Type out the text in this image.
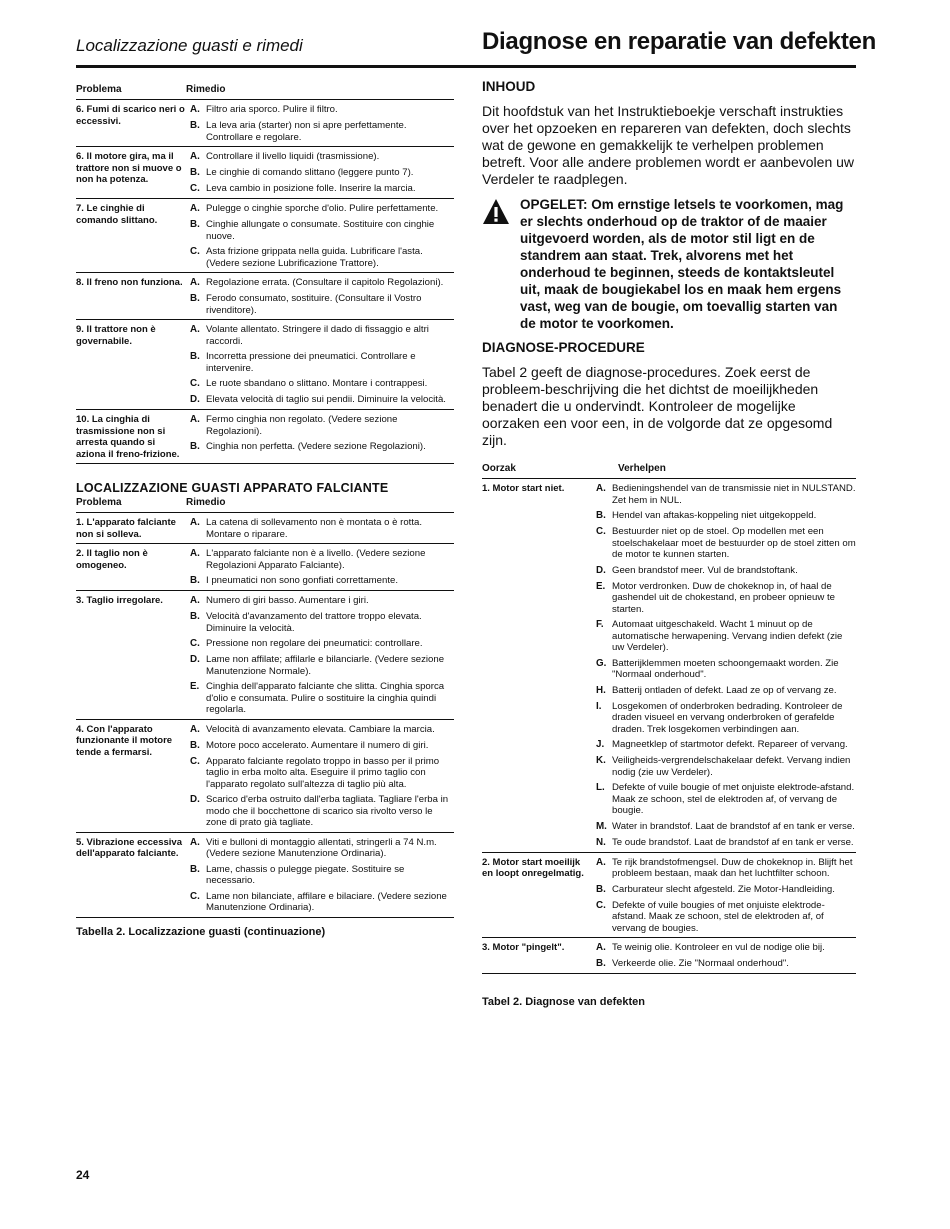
Localizzazione guasti e rimedi	Diagnose en reparatie van defekten
Problema	Rimedio
6. Fumi di scarico neri o eccessivi.
A. Filtro aria sporco. Pulire il filtro.
B. La leva aria (starter) non si apre perfettamente. Controllare e regolare.
6. Il motore gira, ma il trattore non si muove o non ha potenza.
A. Controllare il livello liquidi (trasmissione).
B. Le cinghie di comando slittano (leggere punto 7).
C. Leva cambio in posizione folle. Inserire la marcia.
7. Le cinghie di comando slittano.
A. Pulegge o cinghie sporche d'olio. Pulire perfettamente.
B. Cinghie allungate o consumate. Sostituire con cinghie nuove.
C. Asta frizione grippata nella guida. Lubrificare l'asta. (Vedere sezione Lubrificazione Trattore).
8. Il freno non funziona. A. Regolazione errata. (Consultare il capitolo Regolazioni).
B. Ferodo consumato, sostituire. (Consultare il Vostro rivenditore).
9. Il trattore non è governabile.
A. Volante allentato. Stringere il dado di fissaggio e altri raccordi.
B. Incorretta pressione dei pneumatici. Controllare e intervenire.
C. Le ruote sbandano o slittano. Montare i contrappesi.
D. Elevata velocità di taglio sui pendii. Diminuire la velocità.
10. La cinghia di trasmissione non si arresta quando si aziona il freno-frizione.
A. Fermo cinghia non regolato. (Vedere sezione Regolazioni).
B. Cinghia non perfetta. (Vedere sezione Regolazioni).
LOCALIZZAZIONE GUASTI APPARATO FALCIANTE
Problema	Rimedio
1. L'apparato falciante non si solleva.
A. La catena di sollevamento non è montata o è rotta. Montare o riparare.
2. Il taglio non è omogeneo.
A. L'apparato falciante non è a livello. (Vedere sezione Regolazioni Apparato Falciante).
B. I pneumatici non sono gonfiati correttamente.
3. Taglio irregolare.	A. Numero di giri basso. Aumentare i giri.
B. Velocità d'avanzamento del trattore troppo elevata. Diminuire la velocità.
C. Pressione non regolare dei pneumatici: controllare.
D. Lame non affilate; affilarle e bilanciarle. (Vedere sezione Manutenzione Normale).
E. Cinghia dell'apparato falciante che slitta. Cinghia sporca d'olio e consumata. Pulire o sostituire la cinghia quindi regolarla.
4. Con l'apparato funzionante il motore tende a fermarsi.
A. Velocità di avanzamento elevata. Cambiare la marcia.
B. Motore poco accelerato. Aumentare il numero di giri.
C. Apparato falciante regolato troppo in basso per il primo taglio in erba molto alta. Eseguire il primo taglio con l'apparato regolato sull'altezza di taglio più alta.
D. Scarico d'erba ostruito dall'erba tagliata. Tagliare l'erba in modo che il bocchettone di scarico sia rivolto verso le zone di prato già tagliate.
5. Vibrazione eccessiva dell'apparato falciante.
A. Viti e bulloni di montaggio allentati, stringerli a 74 N.m. (Vedere sezione Manutenzione Ordinaria).
B. Lame, chassis o pulegge piegate. Sostituire se necessario.
C. Lame non bilanciate, affilare e bilaciare. (Vedere sezione Manutenzione Ordinaria).
Tabella 2. Localizzazione guasti (continuazione)
INHOUD

Dit hoofdstuk van het Instruktieboekje verschaft instrukties over het opzoeken en repareren van defekten, doch slechts wat de gewone en gemakkelijk te verhelpen problemen betreft. Voor alle andere problemen wordt er aanbevolen uw Verdeler te raadplegen.

OPGELET: Om ernstige letsels te voorkomen, mag er slechts onderhoud op de traktor of de maaier uitgevoerd worden, als de motor stil ligt en de standrem aan staat. Trek, alvorens met het onderhoud te beginnen, steeds de kontaktsleutel uit, maak de bougiekabel los en maak hem ergens vast, weg van de bougie, om toevallig starten van de motor te voorkomen.
DIAGNOSE-PROCEDURE

Tabel 2 geeft de diagnose-procedures. Zoek eerst de probleem-beschrijving die het dichtst de moeilijkheden benadert die u ondervindt. Kontroleer de mogelijke oorzaken een voor een, in de volgorde dat ze opgesomd zijn.

Oorzak	Verhelpen
1. Motor start niet.	A. Bedieningshendel van de transmissie niet in NULSTAND. Zet hem in NUL.
B. Hendel van aftakas-koppeling niet uitgekoppeld.
C. Bestuurder niet op de stoel. Op modellen met een stoelschakelaar moet de bestuurder op de stoel zitten om de motor te kunnen starten.
D. Geen brandstof meer. Vul de brandstoftank.
E. Motor verdronken. Duw de chokeknop in, of haal de gashendel uit de chokestand, en probeer opnieuw te starten.
F. Automaat uitgeschakeld. Wacht 1 minuut op de automatische herwapening. Vervang indien defekt (zie uw Verdeler).
G. Batterijklemmen moeten schoongemaakt worden. Zie "Normaal onderhoud".
H. Batterij ontladen of defekt. Laad ze op of vervang ze.
I.	Losgekomen of onderbroken bedrading. Kontroleer de draden visueel en vervang onderbroken of gerafelde draden. Trek losgekomen verbindingen aan.
J. Magneetklep of startmotor defekt. Repareer of vervang.
K. Veiligheids-vergrendelschakelaar defekt. Vervang indien nodig (zie uw Verdeler).
L. Defekte of vuile bougie of met onjuiste elektrode-afstand. Maak ze schoon, stel de elektroden af, of vervang de bougie.
M. Water in brandstof. Laat de brandstof af en tank er verse.
N. Te oude brandstof. Laat de brandstof af en tank er verse.
2. Motor start moeilijk en loopt onregelmatig.
A. Te rijk brandstofmengsel. Duw de chokeknop in. Blijft het probleem bestaan, maak dan het luchtfilter schoon.
B. Carburateur slecht afgesteld. Zie Motor-Handleiding.
C. Defekte of vuile bougies of met onjuiste elektrode-afstand. Maak ze schoon, stel de elektroden af, of vervang de bougies.
3. Motor "pingelt".	A. Te weinig olie. Kontroleer en vul de nodige olie bij.
B. Verkeerde olie. Zie "Normaal onderhoud".
Tabel 2. Diagnose van defekten
24
